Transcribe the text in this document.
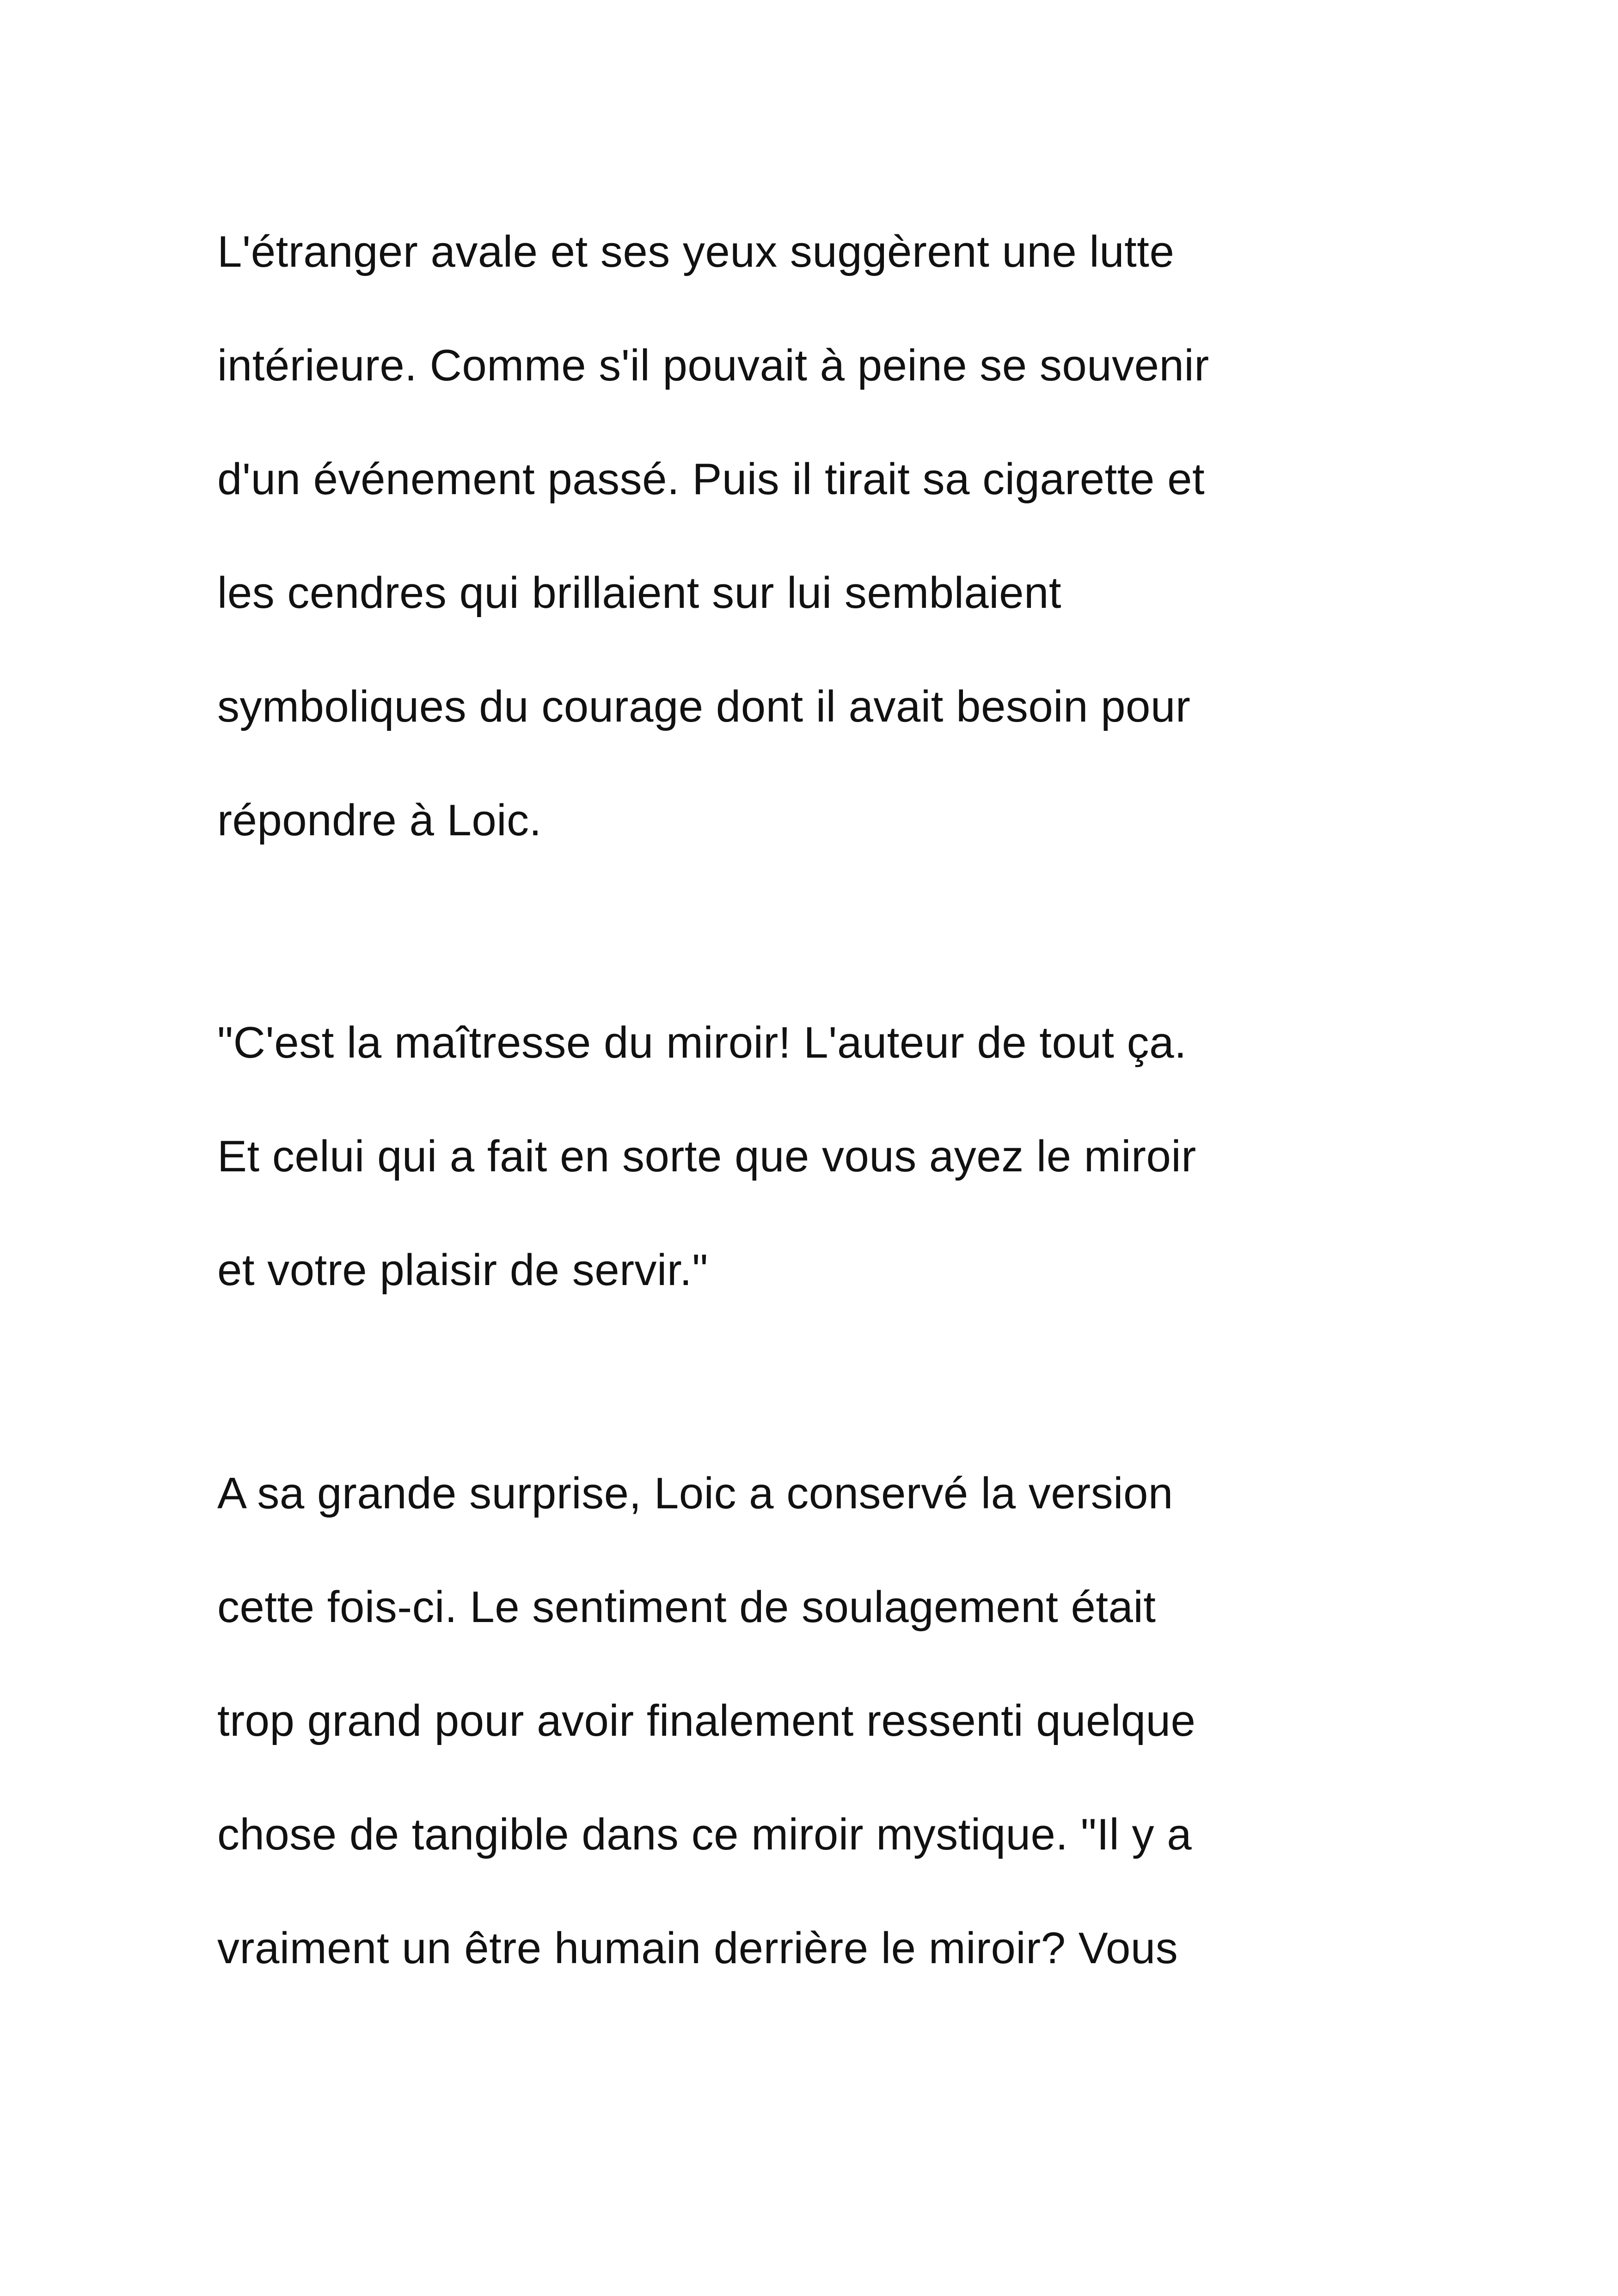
L'étranger avale et ses yeux suggèrent une lutte
intérieure. Comme s'il pouvait à peine se souvenir
d'un événement passé. Puis il tirait sa cigarette et
les cendres qui brillaient sur lui semblaient
symboliques du courage dont il avait besoin pour
répondre à Loic.

"C'est la maîtresse du miroir! L'auteur de tout ça.
Et celui qui a fait en sorte que vous ayez le miroir
et votre plaisir de servir."

A sa grande surprise, Loic a conservé la version
cette fois-ci. Le sentiment de soulagement était
trop grand pour avoir finalement ressenti quelque
chose de tangible dans ce miroir mystique. "Il y a
vraiment un être humain derrière le miroir? Vous
